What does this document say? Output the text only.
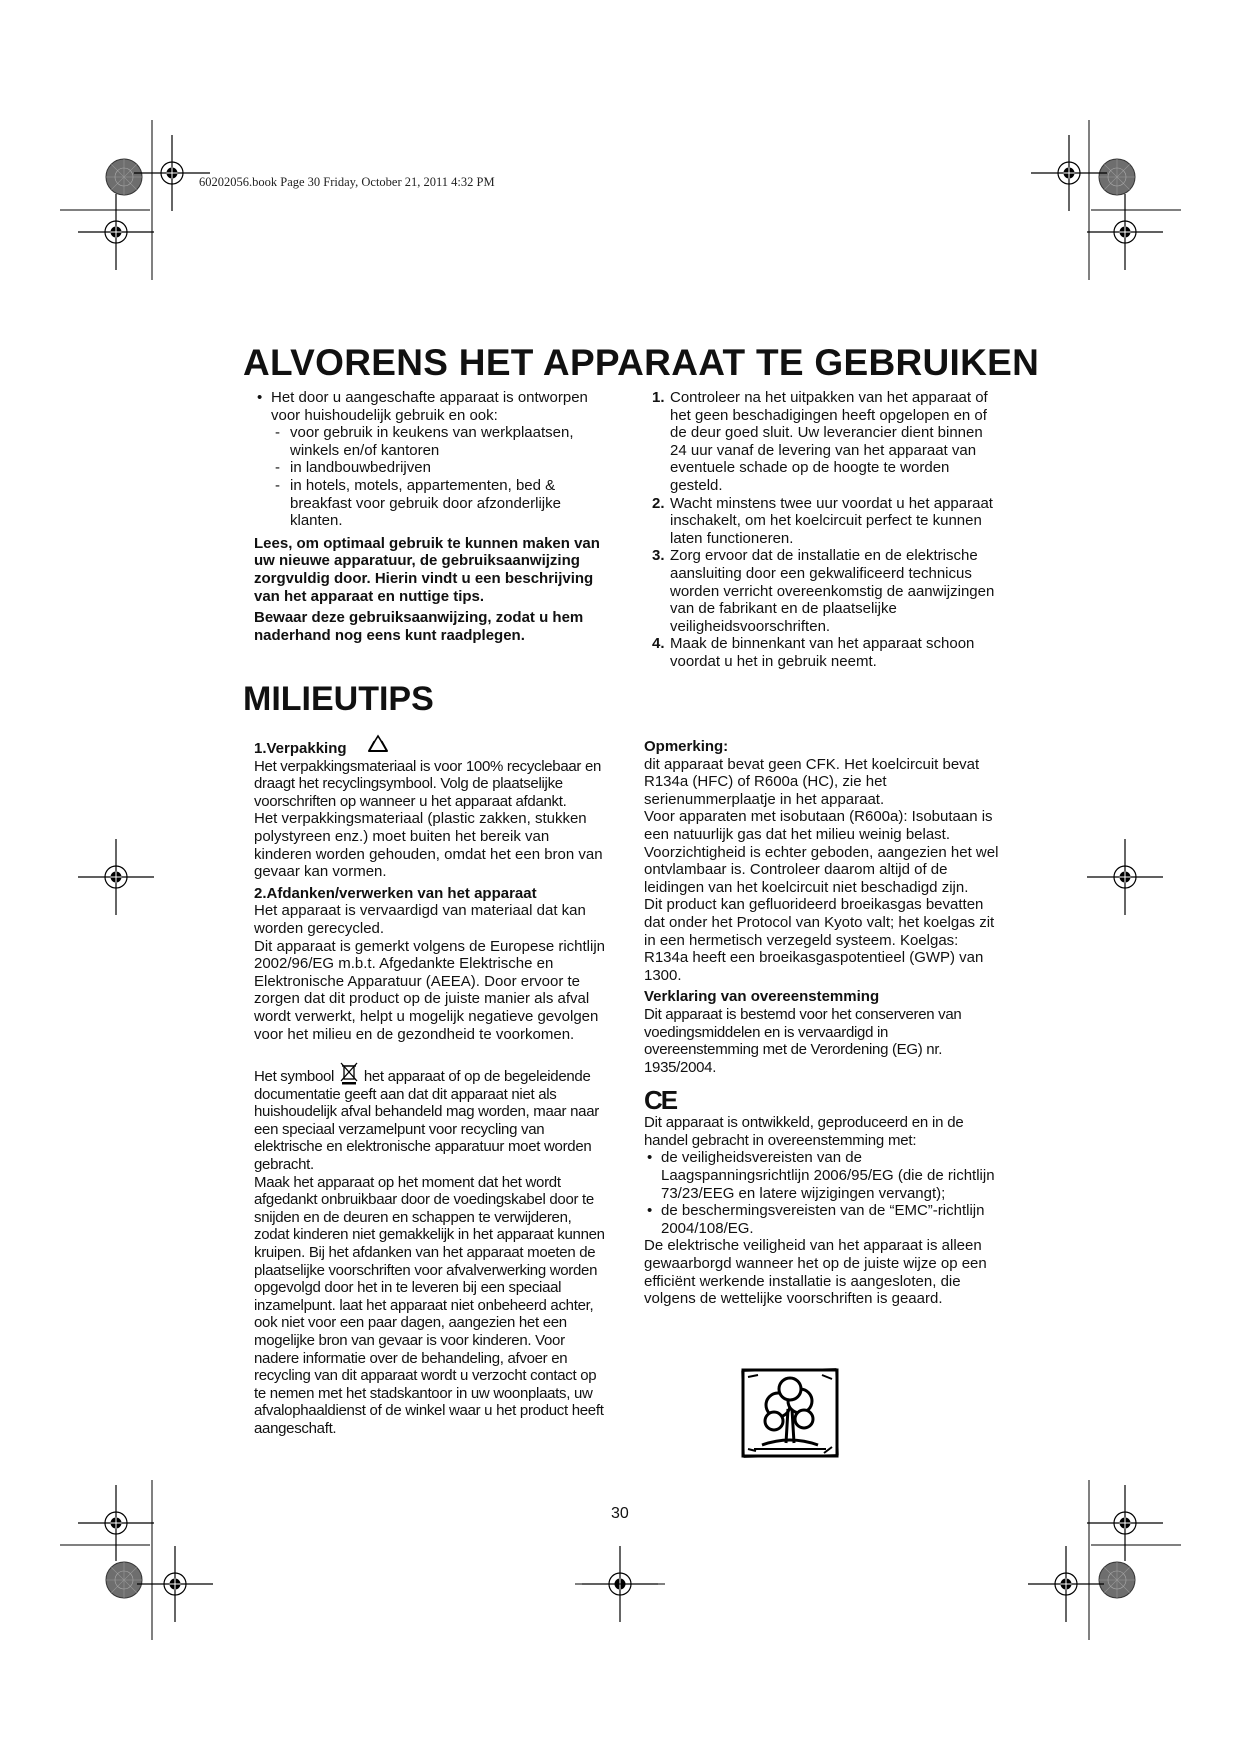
60202056.book Page 30 Friday, October 21, 2011 4:32 PM
ALVORENS HET APPARAAT TE GEBRUIKEN
• Het door u aangeschafte apparaat is ontworpen voor huishoudelijk gebruik en ook:
- voor gebruik in keukens van werkplaatsen, winkels en/of kantoren
- in landbouwbedrijven
- in hotels, motels, appartementen, bed & breakfast voor gebruik door afzonderlijke klanten.

Lees, om optimaal gebruik te kunnen maken van uw nieuwe apparatuur, de gebruiksaanwijzing zorgvuldig door. Hierin vindt u een beschrijving van het apparaat en nuttige tips.

Bewaar deze gebruiksaanwijzing, zodat u hem naderhand nog eens kunt raadplegen.

1. Controleer na het uitpakken van het apparaat of het geen beschadigingen heeft opgelopen en of de deur goed sluit. Uw leverancier dient binnen 24 uur vanaf de levering van het apparaat van eventuele schade op de hoogte te worden gesteld.
2. Wacht minstens twee uur voordat u het apparaat inschakelt, om het koelcircuit perfect te kunnen laten functioneren.
3. Zorg ervoor dat de installatie en de elektrische aansluiting door een gekwalificeerd technicus worden verricht overeenkomstig de aanwijzingen van de fabrikant en de plaatselijke veiligheidsvoorschriften.
4. Maak de binnenkant van het apparaat schoon voordat u het in gebruik neemt.
MILIEUTIPS

1.Verpakking

Het verpakkingsmateriaal is voor 100% recyclebaar en draagt het recyclingsymbool. Volg de plaatselijke voorschriften op wanneer u het apparaat afdankt.

Het verpakkingsmateriaal (plastic zakken, stukken polystyreen enz.) moet buiten het bereik van kinderen worden gehouden, omdat het een bron van gevaar kan vormen.

2.Afdanken/verwerken van het apparaat

Het apparaat is vervaardigd van materiaal dat kan worden gerecycled.

Dit apparaat is gemerkt volgens de Europese richtlijn 2002/96/EG m.b.t. Afgedankte Elektrische en Elektronische Apparatuur (AEEA). Door ervoor te zorgen dat dit product op de juiste manier als afval wordt verwerkt, helpt u mogelijk negatieve gevolgen voor het milieu en de gezondheid te voorkomen.

Het symbool het apparaat of op de begeleidende documentatie geeft aan dat dit apparaat niet als huishoudelijk afval behandeld mag worden, maar naar een speciaal verzamelpunt voor recycling van elektrische en elektronische apparatuur moet worden gebracht.

Maak het apparaat op het moment dat het wordt afgedankt onbruikbaar door de voedingskabel door te snijden en de deuren en schappen te verwijderen, zodat kinderen niet gemakkelijk in het apparaat kunnen kruipen. Bij het afdanken van het apparaat moeten de plaatselijke voorschriften voor afvalverwerking worden opgevolgd door het in te leveren bij een speciaal inzamelpunt. laat het apparaat niet onbeheerd achter, ook niet voor een paar dagen, aangezien het een mogelijke bron van gevaar is voor kinderen. Voor nadere informatie over de behandeling, afvoer en recycling van dit apparaat wordt u verzocht contact op te nemen met het stadskantoor in uw woonplaats, uw afvalophaaldienst of de winkel waar u het product heeft aangeschaft.

Opmerking:

dit apparaat bevat geen CFK. Het koelcircuit bevat R134a (HFC) of R600a (HC), zie het serienummerplaatje in het apparaat.

Voor apparaten met isobutaan (R600a): Isobutaan is een natuurlijk gas dat het milieu weinig belast. Voorzichtigheid is echter geboden, aangezien het wel ontvlambaar is. Controleer daarom altijd of de leidingen van het koelcircuit niet beschadigd zijn.

Dit product kan gefluorideerd broeikasgas bevatten dat onder het Protocol van Kyoto valt; het koelgas zit in een hermetisch verzegeld systeem. Koelgas: R134a heeft een broeikasgaspotentieel (GWP) van 1300.

Verklaring van overeenstemming

Dit apparaat is bestemd voor het conserveren van voedingsmiddelen en is vervaardigd in overeenstemming met de Verordening (EG) nr. 1935/2004.

CE

Dit apparaat is ontwikkeld, geproduceerd en in de handel gebracht in overeenstemming met:

• de veiligheidsvereisten van de Laagspanningsrichtlijn 2006/95/EG (die de richtlijn 73/23/EEG en latere wijzigingen vervangt);
• de beschermingsvereisten van de “EMC”-richtlijn 2004/108/EG.

De elektrische veiligheid van het apparaat is alleen gewaarborgd wanneer het op de juiste wijze op een efficiënt werkende installatie is aangesloten, die volgens de wettelijke voorschriften is geaard.

30
